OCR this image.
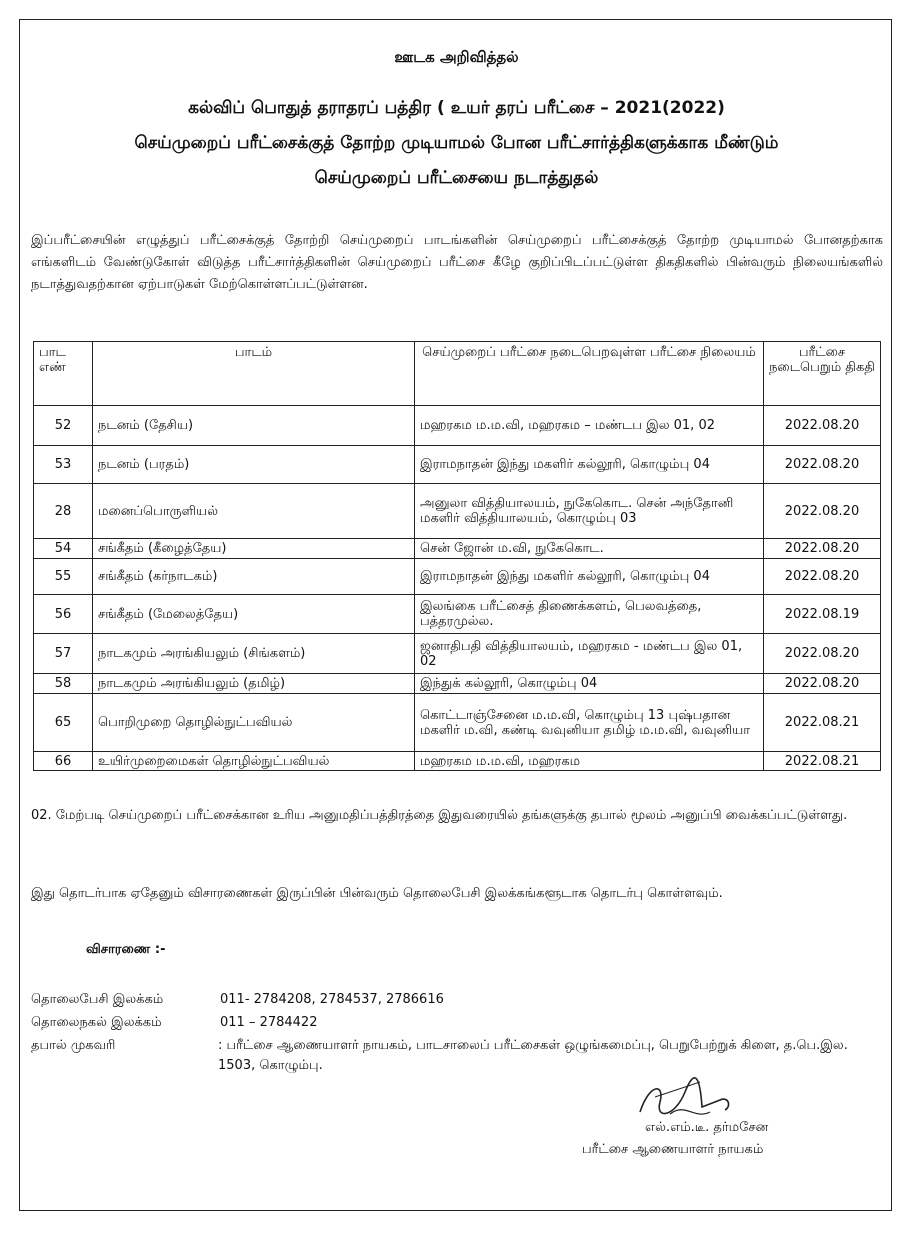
ஊடக அறிவித்தல்
கல்விப் பொதுத் தராதரப் பத்திர ( உயர் தரப் பரீட்சை – 2021(2022)
செய்முறைப் பரீட்சைக்குத் தோற்ற முடியாமல் போன பரீட்சார்த்திகளுக்காக மீண்டும்
செய்முறைப் பரீட்சையை நடாத்துதல்
இப்பரீட்சையின் எழுத்துப் பரீட்சைக்குத் தோற்றி செய்முறைப் பாடங்களின் செய்முறைப் பரீட்சைக்குத் தோற்ற முடியாமல் போனதற்காக எங்களிடம் வேண்டுகோள் விடுத்த பரீட்சார்த்திகளின் செய்முறைப் பரீட்சை கீழே குறிப்பிடப்பட்டுள்ள திகதிகளில் பின்வரும் நிலையங்களில் நடாத்துவதற்கான ஏற்பாடுகள் மேற்கொள்ளப்பட்டுள்ளன.
பாட எண்	பாடம்	செய்முறைப் பரீட்சை நடைபெறவுள்ள பரீட்சை நிலையம்	பரீட்சை நடைபெறும் திகதி
52	நடனம் (தேசிய)	மஹரகம ம.ம.வி, மஹரகம – மண்டப இல 01, 02	2022.08.20
53	நடனம் (பரதம்)	இராமநாதன் இந்து மகளிர் கல்லூரி, கொழும்பு 04	2022.08.20
28	மனைப்பொருளியல்	அனுலா வித்தியாலயம், நுகேகொட. சென் அந்தோனி மகளிர் வித்தியாலயம், கொழும்பு 03	2022.08.20
54	சங்கீதம் (கீழைத்தேய)	சென் ஜோன் ம.வி, நுகேகொட.	2022.08.20
55	சங்கீதம் (கர்நாடகம்)	இராமநாதன் இந்து மகளிர் கல்லூரி, கொழும்பு 04	2022.08.20
56	சங்கீதம் (மேலைத்தேய)	இலங்கை பரீட்சைத் திணைக்களம், பெலவத்தை, பத்தரமுல்ல.	2022.08.19
57	நாடகமும் அரங்கியலும் (சிங்களம்)	ஜனாதிபதி வித்தியாலயம், மஹரகம - மண்டப இல 01, 02	2022.08.20
58	நாடகமும் அரங்கியலும் (தமிழ்)	இந்துக் கல்லூரி, கொழும்பு 04	2022.08.20
65	பொறிமுறை தொழில்நுட்பவியல்	கொட்டாஞ்சேனை ம.ம.வி, கொழும்பு 13 புஷ்பதான மகளிர் ம.வி, கண்டி வவுனியா தமிழ் ம.ம.வி, வவுனியா	2022.08.21
66	உயிர்முறைமைகள் தொழில்நுட்பவியல்	மஹரகம ம.ம.வி, மஹரகம	2022.08.21
02. மேற்படி செய்முறைப் பரீட்சைக்கான உரிய அனுமதிப்பத்திரத்தை இதுவரையில் தங்களுக்கு தபால் மூலம் அனுப்பி வைக்கப்பட்டுள்ளது.
இது தொடர்பாக ஏதேனும் விசாரணைகள் இருப்பின் பின்வரும் தொலைபேசி இலக்கங்களூடாக தொடர்பு கொள்ளவும்.
விசாரணை :-
தொலைபேசி இலக்கம்	011- 2784208, 2784537, 2786616
தொலைநகல் இலக்கம்	011 – 2784422
தபால் முகவரி	: பரீட்சை ஆணையாளர் நாயகம், பாடசாலைப் பரீட்சைகள் ஒழுங்கமைப்பு, பெறுபேற்றுக் கிளை, த.பெ.இல. 1503, கொழும்பு.
எல்.எம்.டீ. தர்மசேன
பரீட்சை ஆணையாளர் நாயகம்
